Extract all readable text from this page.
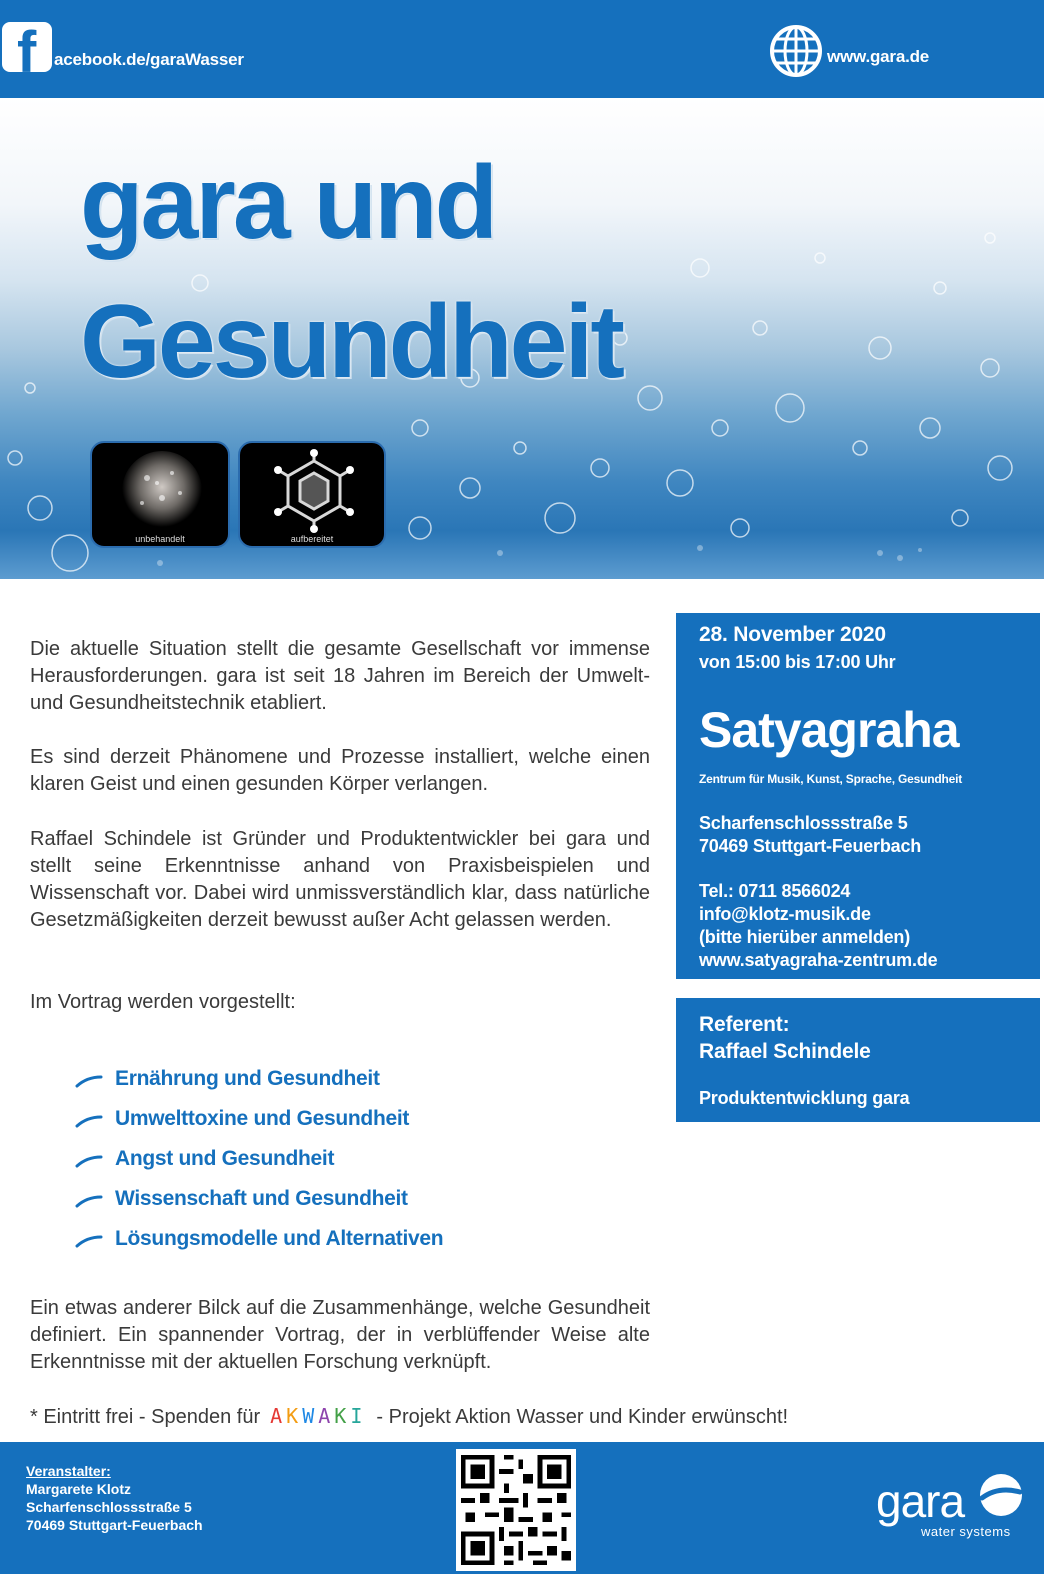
f acebook.de/garaWasser	www.gara.de
unbehandelt	aufbereitet
gara und
Gesundheit

Die aktuelle Situation stellt die gesamte Gesellschaft vor immense Herausforderungen. gara ist seit 18 Jahren im Bereich der Umwelt- und Gesundheitstechnik etabliert.

Es sind derzeit Phänomene und Prozesse installiert, welche einen klaren Geist und einen gesunden Körper verlangen.

Raffael Schindele ist Gründer und Produktentwickler bei gara und stellt seine Erkenntnisse anhand von Praxisbeispielen und Wissenschaft vor. Dabei wird unmissverständlich klar, dass natürliche Gesetzmäßigkeiten derzeit bewusst außer Acht gelassen werden.

Im Vortrag werden vorgestellt:

Ernährung und Gesundheit
Umwelttoxine und Gesundheit
Angst und Gesundheit
Wissenschaft und Gesundheit
Lösungsmodelle und Alternativen

Ein etwas anderer Bilck auf die Zusammenhänge, welche Gesundheit definiert. Ein spannender Vortrag, der in verblüffender Weise alte Erkenntnisse mit der aktuellen Forschung verknüpft.

* Eintritt frei - Spenden für AKWAKI - Projekt Aktion Wasser und Kinder erwünscht!
28. November 2020
von 15:00 bis 17:00 Uhr
Satyagraha
Zentrum für Musik, Kunst, Sprache, Gesundheit
Scharfenschlossstraße 5
70469 Stuttgart-Feuerbach
Tel.: 0711 8566024
info@klotz-musik.de
(bitte hierüber anmelden)
www.satyagraha-zentrum.de
Referent:
Raffael Schindele
Produktentwicklung gara
Veranstalter:
Margarete Klotz
Scharfenschlossstraße 5
70469 Stuttgart-Feuerbach	gara
water systems
